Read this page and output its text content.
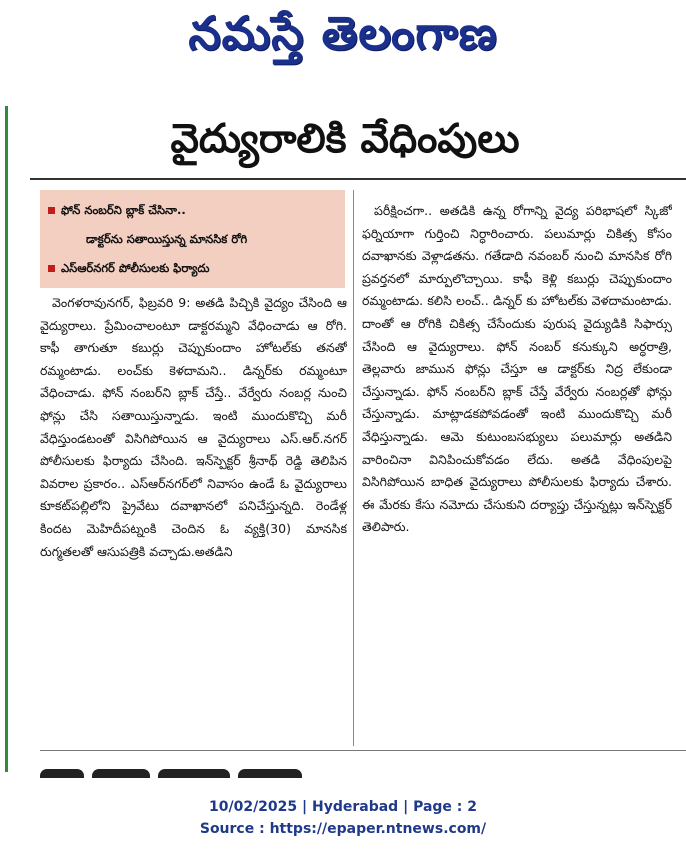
నమస్తే తెలంగాణ
వైద్యురాలికి వేధింపులు
ఫోన్ నంబర్‌ని బ్లాక్ చేసినా..
డాక్టర్‌ను సతాయిస్తున్న మానసిక రోగి
ఎస్ఆర్‌నగర్ పోలీసులకు ఫిర్యాదు

వెంగళరావునగర్, ఫిబ్రవరి 9: అతడి పిచ్చికి వైద్యం చేసింది ఆ వైద్యురాలు. ప్రేమించాలంటూ డాక్టరమ్మని వేధించాడు ఆ రోగి. కాఫీ తాగుతూ కబుర్లు చెప్పుకుందాం హోటల్‌కు తనతో రమ్మంటాడు. లంచ్‌కు కెళదామని.. డిన్నర్‌కు రమ్మంటూ వేధించాడు. ఫోన్ నంబర్‌ని బ్లాక్ చేస్తే.. వేర్వేరు నంబర్ల నుంచి ఫోన్లు చేసి సతాయిస్తున్నాడు. ఇంటి ముందుకొచ్చి మరీ వేధిస్తుండటంతో విసిగిపోయిన ఆ వైద్యురాలు ఎస్.ఆర్.నగర్ పోలీసులకు ఫిర్యాదు చేసింది. ఇన్‌స్పెక్టర్ శ్రీనాథ్ రెడ్డి తెలిపిన వివరాల ప్రకారం.. ఎస్ఆర్‌నగర్‌లో నివాసం ఉండే ఓ వైద్యురాలు కూకట్‌పల్లిలోని ప్రైవేటు దవాఖానలో పనిచేస్తున్నది. రెండేళ్ల కిందట మెహిదీపట్నంకి చెందిన ఓ వ్యక్తి(30) మానసిక రుగ్మతలతో ఆసుపత్రికి వచ్చాడు.అతడిని

పరీక్షించగా.. అతడికి ఉన్న రోగాన్ని వైద్య పరిభాషలో స్కిజో ఫర్నియాగా గుర్తించి నిర్ధారించారు. పలుమార్లు చికిత్స కోసం దవాఖానకు వెళ్లాడతను. గతేడాది నవంబర్ నుంచి మానసిక రోగి ప్రవర్తనలో మార్పులొచ్చాయి. కాఫీ కెళ్లి కబుర్లు చెప్పుకుందాం రమ్మంటాడు. కలిసి లంచ్.. డిన్నర్ కు హోటల్‌కు వెళదామంటాడు. దాంతో ఆ రోగికి చికిత్స చేసేందుకు పురుష వైద్యుడికి సిఫార్సు చేసింది ఆ వైద్యురాలు. ఫోన్ నంబర్ కనుక్కుని అర్ధరాత్రి, తెల్లవారు జామున ఫోన్లు చేస్తూ ఆ డాక్టర్‌కు నిద్ర లేకుండా చేస్తున్నాడు. ఫోన్ నంబర్‌ని బ్లాక్ చేస్తే వేర్వేరు నంబర్లతో ఫోన్లు చేస్తున్నాడు. మాట్లాడకపోవడంతో ఇంటి ముందుకొచ్చి మరీ వేధిస్తున్నాడు. ఆమె కుటుంబసభ్యులు పలుమార్లు అతడిని వారించినా వినిపించుకోవడం లేదు. అతడి వేధింపులపై విసిగిపోయిన బాధిత వైద్యురాలు పోలీసులకు ఫిర్యాదు చేశారు. ఈ మేరకు కేసు నమోదు చేసుకుని దర్యాప్తు చేస్తున్నట్లు ఇన్‌స్పెక్టర్ తెలిపారు.

10/02/2025 | Hyderabad | Page : 2
Source : https://epaper.ntnews.com/
